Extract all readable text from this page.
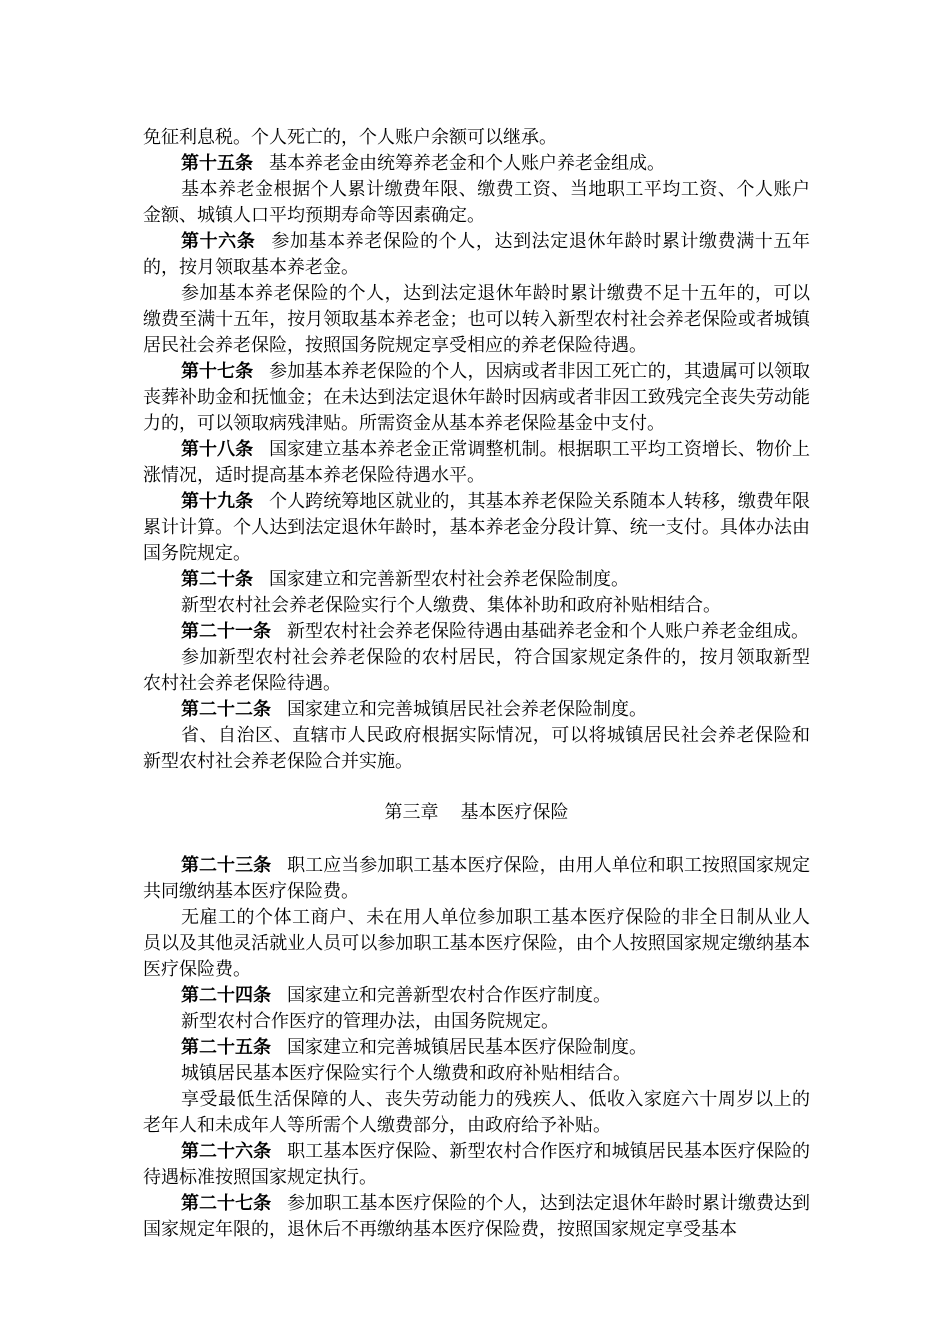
免征利息税。个人死亡的，个人账户余额可以继承。

第十五条 基本养老金由统筹养老金和个人账户养老金组成。

基本养老金根据个人累计缴费年限、缴费工资、当地职工平均工资、个人账户金额、城镇人口平均预期寿命等因素确定。

第十六条 参加基本养老保险的个人，达到法定退休年龄时累计缴费满十五年的，按月领取基本养老金。

参加基本养老保险的个人，达到法定退休年龄时累计缴费不足十五年的，可以缴费至满十五年，按月领取基本养老金；也可以转入新型农村社会养老保险或者城镇居民社会养老保险，按照国务院规定享受相应的养老保险待遇。

第十七条 参加基本养老保险的个人，因病或者非因工死亡的，其遗属可以领取丧葬补助金和抚恤金；在未达到法定退休年龄时因病或者非因工致残完全丧失劳动能力的，可以领取病残津贴。所需资金从基本养老保险基金中支付。

第十八条 国家建立基本养老金正常调整机制。根据职工平均工资增长、物价上涨情况，适时提高基本养老保险待遇水平。

第十九条 个人跨统筹地区就业的，其基本养老保险关系随本人转移，缴费年限累计计算。个人达到法定退休年龄时，基本养老金分段计算、统一支付。具体办法由国务院规定。

第二十条 国家建立和完善新型农村社会养老保险制度。

新型农村社会养老保险实行个人缴费、集体补助和政府补贴相结合。

第二十一条 新型农村社会养老保险待遇由基础养老金和个人账户养老金组成。

参加新型农村社会养老保险的农村居民，符合国家规定条件的，按月领取新型农村社会养老保险待遇。

第二十二条 国家建立和完善城镇居民社会养老保险制度。

省、自治区、直辖市人民政府根据实际情况，可以将城镇居民社会养老保险和新型农村社会养老保险合并实施。

第三章 基本医疗保险

第二十三条 职工应当参加职工基本医疗保险，由用人单位和职工按照国家规定共同缴纳基本医疗保险费。

无雇工的个体工商户、未在用人单位参加职工基本医疗保险的非全日制从业人员以及其他灵活就业人员可以参加职工基本医疗保险，由个人按照国家规定缴纳基本医疗保险费。

第二十四条 国家建立和完善新型农村合作医疗制度。

新型农村合作医疗的管理办法，由国务院规定。

第二十五条 国家建立和完善城镇居民基本医疗保险制度。

城镇居民基本医疗保险实行个人缴费和政府补贴相结合。

享受最低生活保障的人、丧失劳动能力的残疾人、低收入家庭六十周岁以上的老年人和未成年人等所需个人缴费部分，由政府给予补贴。

第二十六条 职工基本医疗保险、新型农村合作医疗和城镇居民基本医疗保险的待遇标准按照国家规定执行。

第二十七条 参加职工基本医疗保险的个人，达到法定退休年龄时累计缴费达到国家规定年限的，退休后不再缴纳基本医疗保险费，按照国家规定享受基本
